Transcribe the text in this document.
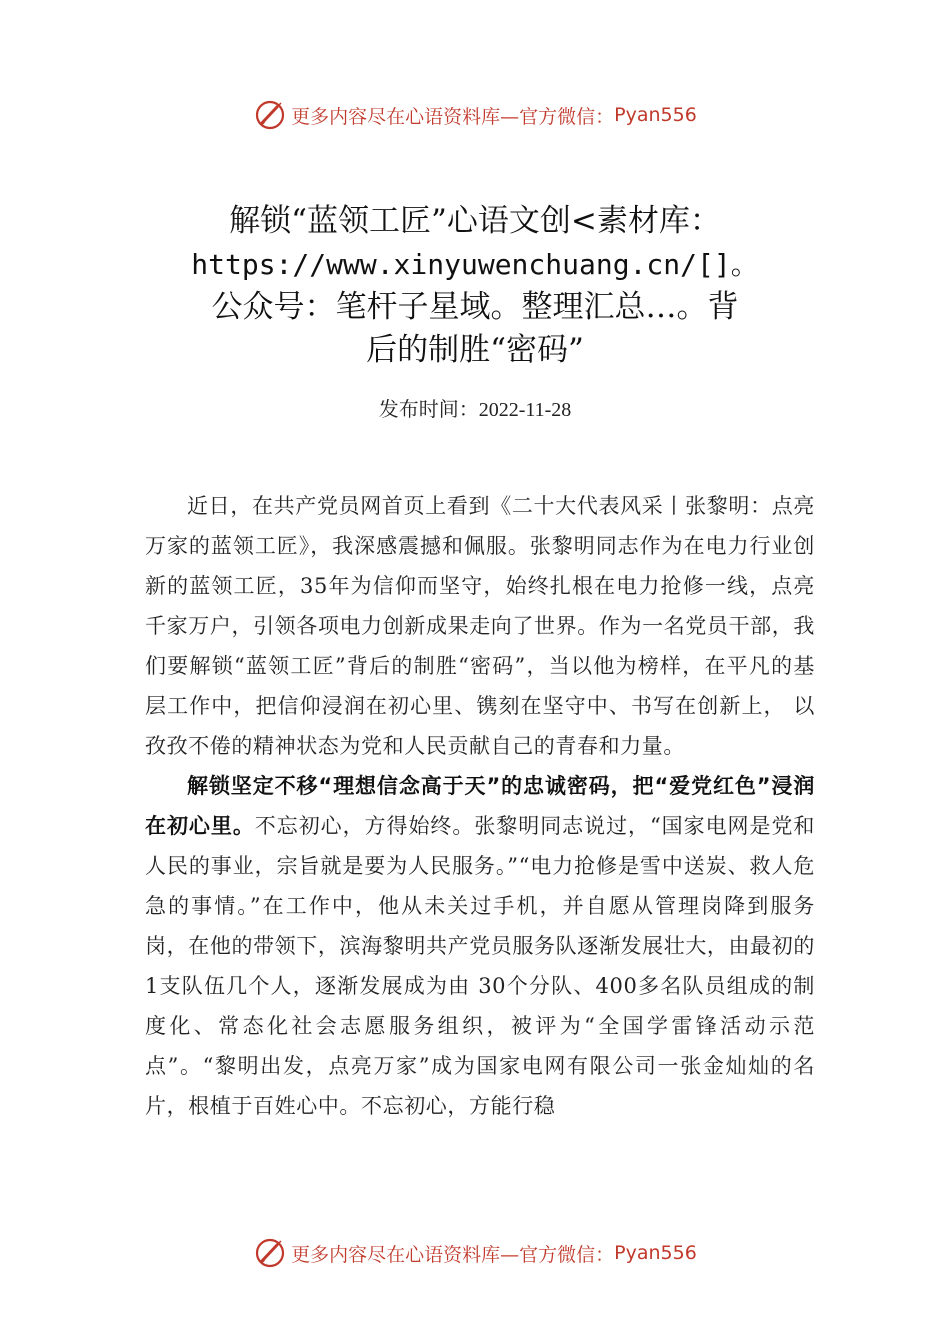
更多内容尽在心语资料库—官方微信： Pyan556
解锁“蓝领工匠”心语文创<素材库：
https://www.xinyuwenchuang.cn/[]。
公众号：笔杆子星域。整理汇总…。背
后的制胜“密码”
发布时间：2022-11-28

近日，在共产党员网首页上看到《二十大代表风采丨张黎明：点亮万家的蓝领工匠》，我深感震撼和佩服。张黎明同志作为在电力行业创新的蓝领工匠，35年为信仰而坚守，始终扎根在电力抢修一线，点亮千家万户，引领各项电力创新成果走向了世界。作为一名党员干部，我们要解锁“蓝领工匠”背后的制胜“密码”，当以他为榜样，在平凡的基层工作中，把信仰浸润在初心里、镌刻在坚守中、书写在创新上， 以孜孜不倦的精神状态为党和人民贡献自己的青春和力量。

解锁坚定不移“理想信念高于天”的忠诚密码，把“爱党红色”浸润在初心里。不忘初心，方得始终。张黎明同志说过，“国家电网是党和人民的事业，宗旨就是要为人民服务。”“电力抢修是雪中送炭、救人危急的事情。”在工作中，他从未关过手机，并自愿从管理岗降到服务岗，在他的带领下，滨海黎明共产党员服务队逐渐发展壮大，由最初的 1支队伍几个人，逐渐发展成为由 30个分队、400多名队员组成的制度化、常态化社会志愿服务组织，被评为“全国学雷锋活动示范点”。“黎明出发，点亮万家”成为国家电网有限公司一张金灿灿的名片，根植于百姓心中。不忘初心，方能行稳

更多内容尽在心语资料库—官方微信： Pyan556
